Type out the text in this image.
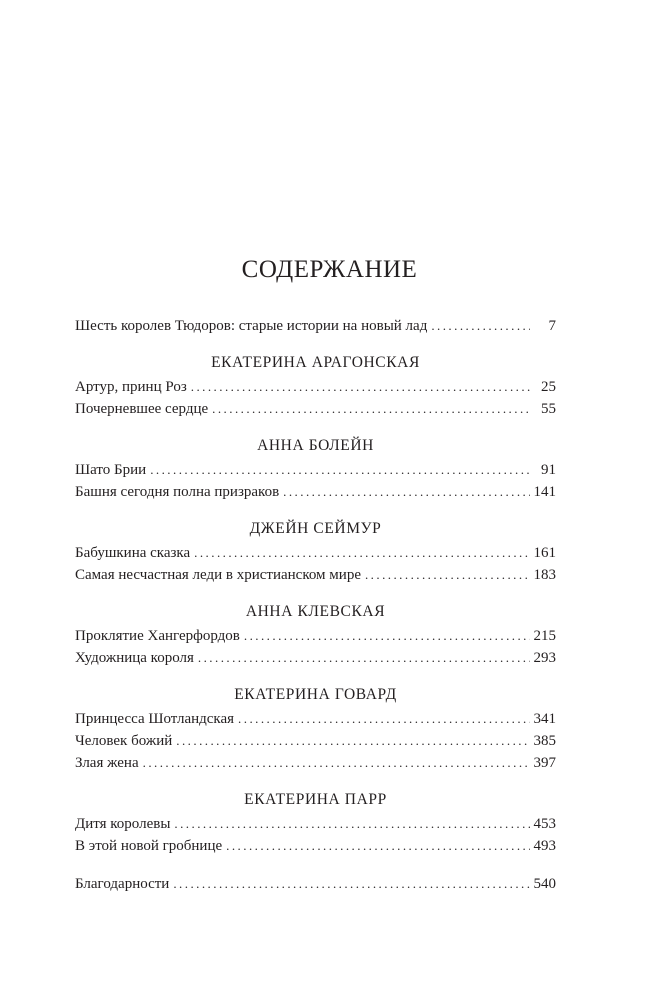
СОДЕРЖАНИЕ
Шесть королев Тюдоров: старые истории на новый лад . . .	7
ЕКАТЕРИНА АРАГОНСКАЯ
Артур, принц Роз . . .	25
Почерневшее сердце . . .	55
АННА БОЛЕЙН
Шато Брии . . .	91
Башня сегодня полна призраков . . .	141
ДЖЕЙН СЕЙМУР
Бабушкина сказка . . .	161
Самая несчастная леди в христианском мире . . .	183
АННА КЛЕВСКАЯ
Проклятие Хангерфордов . . .	215
Художница короля . . .	293
ЕКАТЕРИНА ГОВАРД
Принцесса Шотландская . . .	341
Человек божий . . .	385
Злая жена . . .	397
ЕКАТЕРИНА ПАРР
Дитя королевы . . .	453
В этой новой гробнице . . .	493
Благодарности . . .	540
